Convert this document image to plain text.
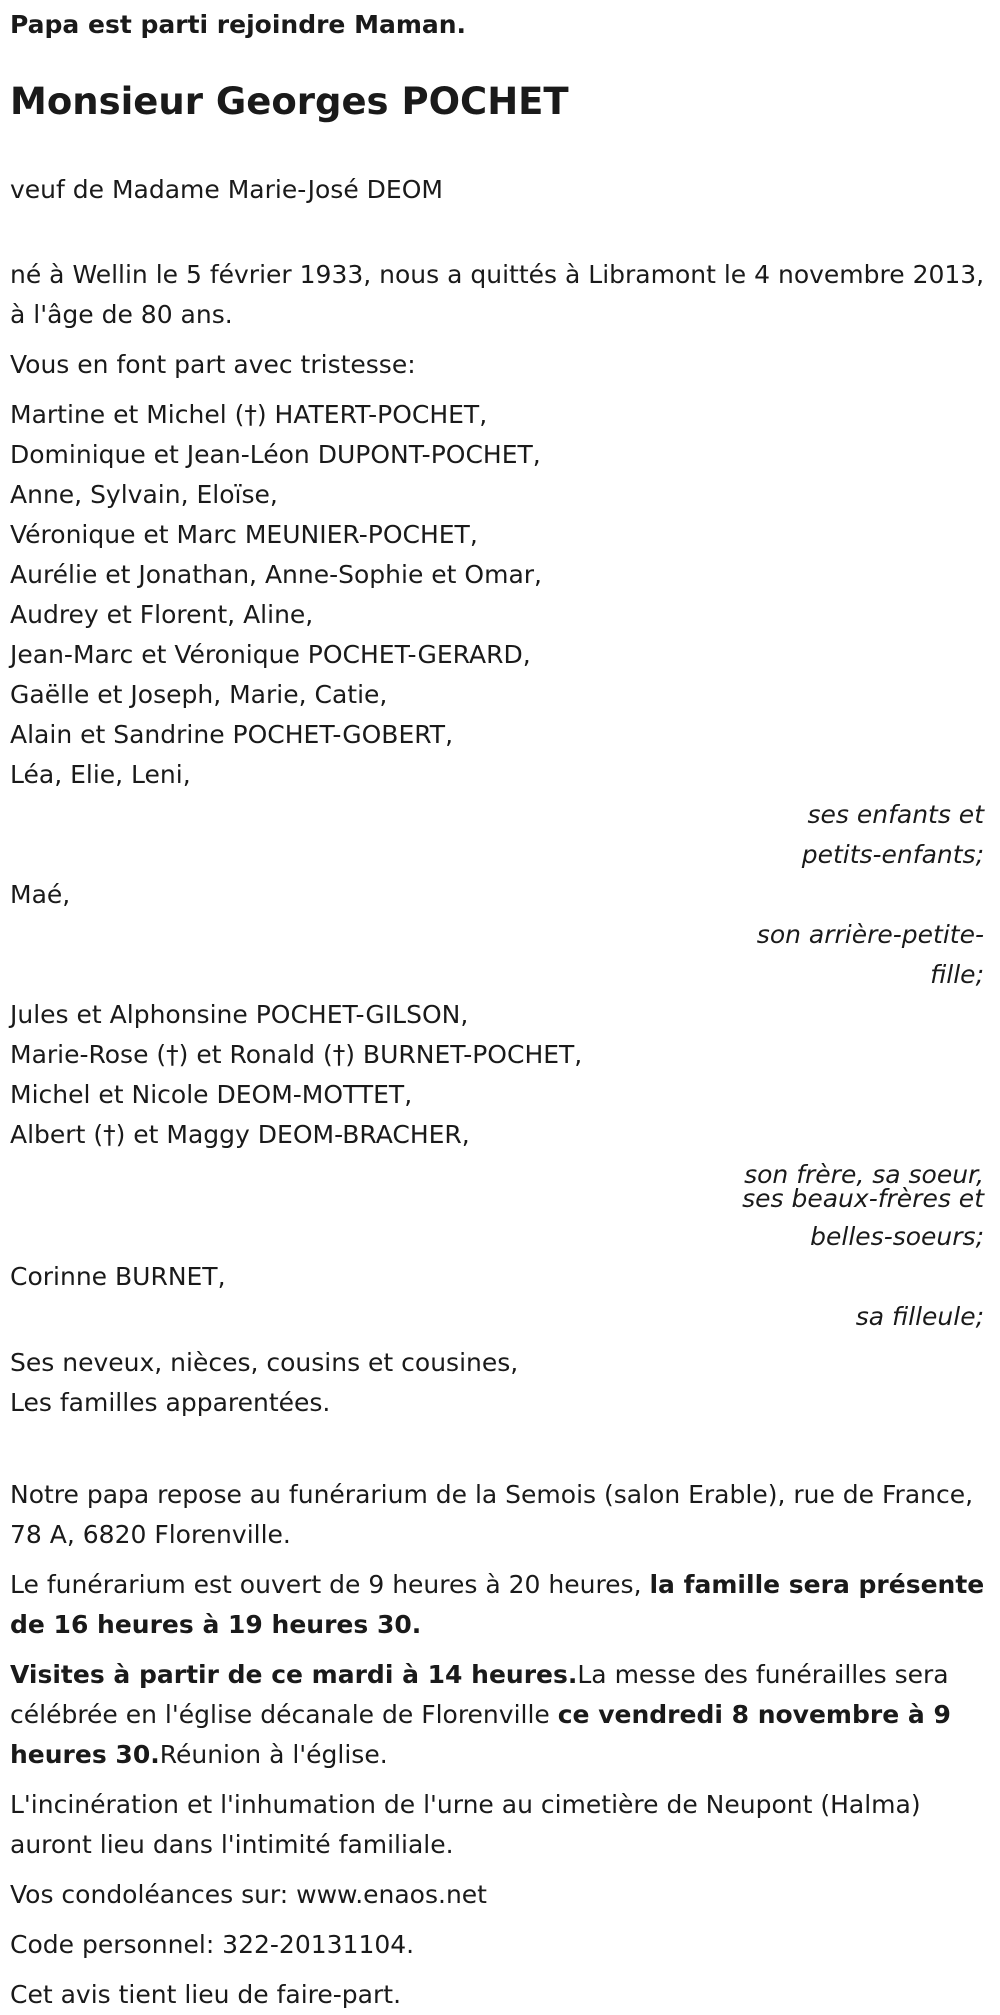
Papa est parti rejoindre Maman.
Monsieur Georges POCHET
veuf de Madame Marie-José DEOM
né à Wellin le 5 février 1933, nous a quittés à Libramont le 4 novembre 2013, à l'âge de 80 ans.
Vous en font part avec tristesse:
Martine et Michel (†) HATERT-POCHET,
Dominique et Jean-Léon DUPONT-POCHET,
Anne, Sylvain, Eloïse,
Véronique et Marc MEUNIER-POCHET,
Aurélie et Jonathan, Anne-Sophie et Omar,
Audrey et Florent, Aline,
Jean-Marc et Véronique POCHET-GERARD,
Gaëlle et Joseph, Marie, Catie,
Alain et Sandrine POCHET-GOBERT,
Léa, Elie, Leni,
ses enfants et
petits-enfants;
Maé,
son arrière-petite-
fille;
Jules et Alphonsine POCHET-GILSON,
Marie-Rose (†) et Ronald (†) BURNET-POCHET,
Michel et Nicole DEOM-MOTTET,
Albert (†) et Maggy DEOM-BRACHER,
son frère, sa soeur,
ses beaux-frères et
belles-soeurs;
Corinne BURNET,
sa filleule;
Ses neveux, nièces, cousins et cousines,
Les familles apparentées.
Notre papa repose au funérarium de la Semois (salon Erable), rue de France, 78 A, 6820 Florenville.
Le funérarium est ouvert de 9 heures à 20 heures, la famille sera présente de 16 heures à 19 heures 30.
Visites à partir de ce mardi à 14 heures.La messe des funérailles sera célébrée en l'église décanale de Florenville ce vendredi 8 novembre à 9 heures 30.Réunion à l'église.
L'incinération et l'inhumation de l'urne au cimetière de Neupont (Halma) auront lieu dans l'intimité familiale.
Vos condoléances sur: www.enaos.net
Code personnel: 322-20131104.
Cet avis tient lieu de faire-part.
